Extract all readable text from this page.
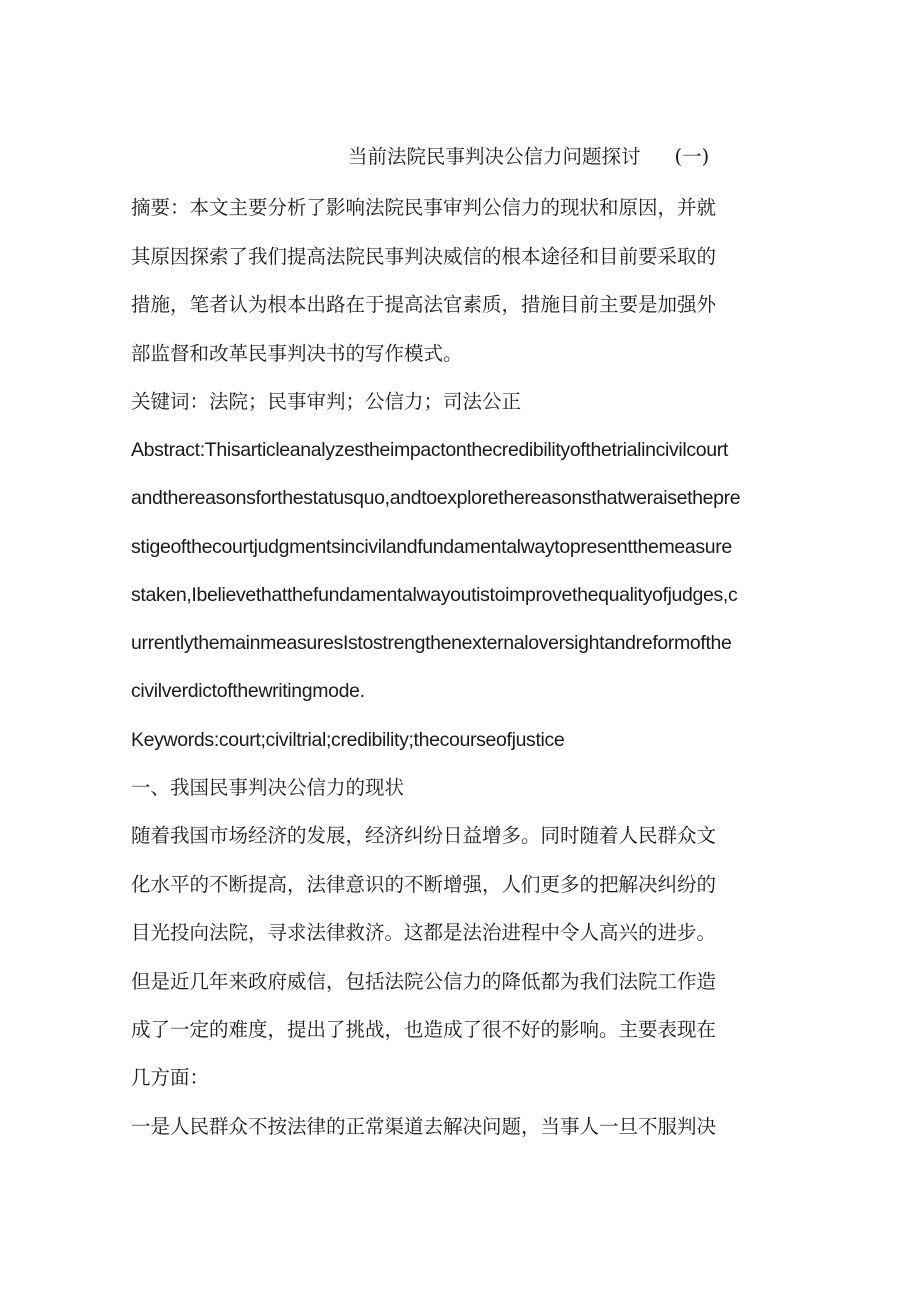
当前法院民事判决公信力问题探讨 (一)
摘要：本文主要分析了影响法院民事审判公信力的现状和原因，并就
其原因探索了我们提高法院民事判决威信的根本途径和目前要采取的
措施，笔者认为根本出路在于提高法官素质，措施目前主要是加强外
部监督和改革民事判决书的写作模式。
关键词：法院；民事审判；公信力；司法公正
Abstract:Thisarticleanalyzestheimpactonthecredibilityofthetrialincivilcourt
andthereasonsforthestatusquo,andtoexplorethereasonsthatweraisethepre
stigeofthecourtjudgmentsincivilandfundamentalwaytopresentthemeasure
staken,Ibelievethatthefundamentalwayoutistoimprovethequalityofjudges,c
urrentlythemainmeasuresIstostrengthenexternaloversightandreformofthe
civilverdictofthewritingmode.
Keywords:court;civiltrial;credibility;thecourseofjustice
一、我国民事判决公信力的现状
随着我国市场经济的发展，经济纠纷日益增多。同时随着人民群众文
化水平的不断提高，法律意识的不断增强，人们更多的把解决纠纷的
目光投向法院，寻求法律救济。这都是法治进程中令人高兴的进步。
但是近几年来政府威信，包括法院公信力的降低都为我们法院工作造
成了一定的难度，提出了挑战，也造成了很不好的影响。主要表现在
几方面：
一是人民群众不按法律的正常渠道去解决问题，当事人一旦不服判决
